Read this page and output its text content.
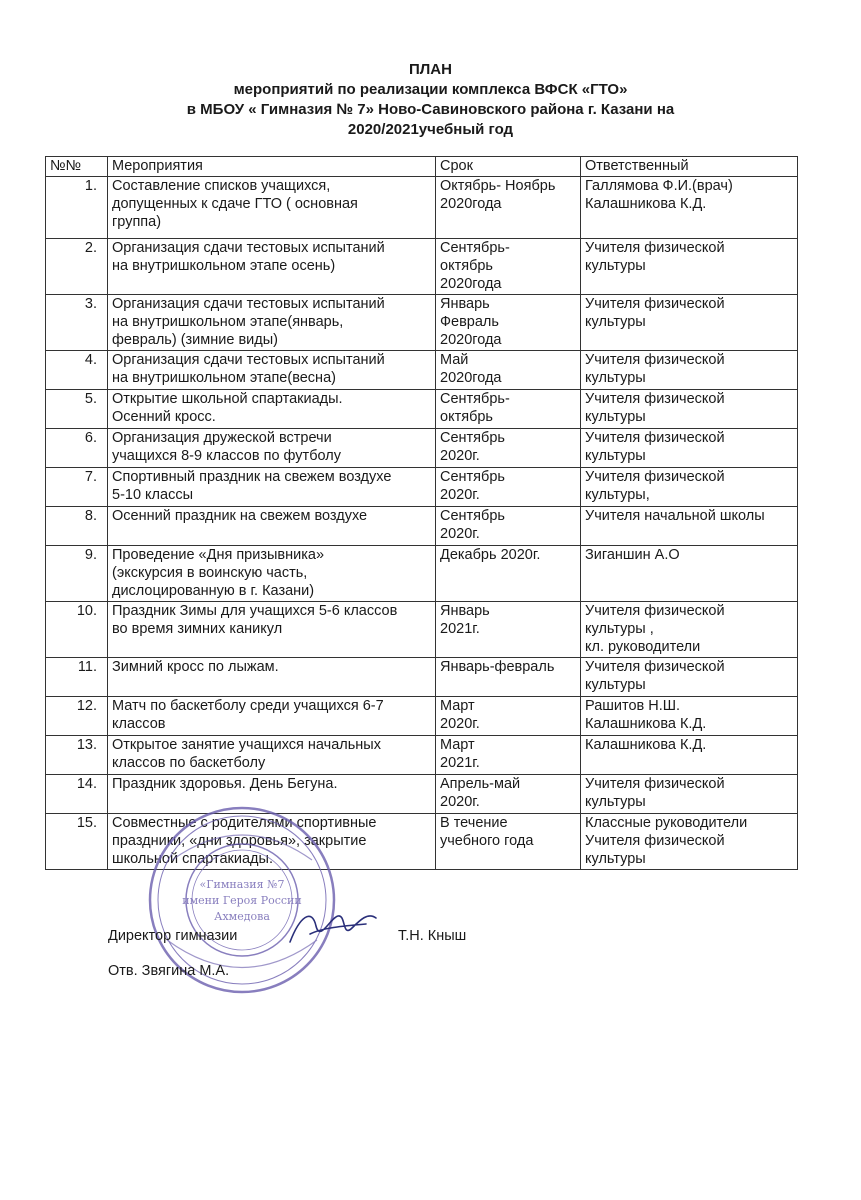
ПЛАН
мероприятий по реализации комплекса ВФСК «ГТО»
в МБОУ « Гимназия № 7» Ново-Савиновского района г. Казани на
2020/2021учебный год
№№	Мероприятия	Срок	Ответственный
1.	Составление списков учащихся,
допущенных к сдаче ГТО ( основная
группа)	Октябрь- Ноябрь
2020года	Галлямова Ф.И.(врач)
Калашникова К.Д.
2.	Организация сдачи тестовых испытаний
на внутришкольном этапе осень)	Сентябрь-
октябрь
2020года	Учителя физической
культуры
3.	Организация сдачи тестовых испытаний
на внутришкольном этапе(январь,
февраль) (зимние виды)	Январь
Февраль
2020года	Учителя физической
культуры
4.	Организация сдачи тестовых испытаний
на внутришкольном этапе(весна)	Май
2020года	Учителя физической
культуры
5.	Открытие школьной спартакиады.
Осенний кросс.	Сентябрь-
октябрь	Учителя физической
культуры
6.	Организация дружеской встречи
учащихся 8-9 классов по футболу	Сентябрь
2020г.	Учителя физической
культуры
7.	Спортивный праздник на свежем воздухе
5-10 классы	Сентябрь
2020г.	Учителя физической
культуры,
8.	Осенний праздник на свежем воздухе	Сентябрь
2020г.	Учителя начальной школы
9.	Проведение «Дня призывника»
(экскурсия в воинскую часть,
дислоцированную в г. Казани)	Декабрь 2020г.	Зиганшин А.О
10.	Праздник Зимы для учащихся 5-6 классов
во время зимних каникул	Январь
2021г.	Учителя физической
культуры ,
кл. руководители
11.	Зимний кросс по лыжам.	Январь-февраль	Учителя физической
культуры
12.	Матч по баскетболу среди учащихся 6-7
классов	Март
2020г.	Рашитов Н.Ш.
Калашникова К.Д.
13.	Открытое занятие учащихся начальных
классов по баскетболу	Март
2021г.	Калашникова К.Д.
14.	Праздник здоровья. День Бегуна.	Апрель-май
2020г.	Учителя физической
культуры
15.	Совместные с родителями спортивные
праздники, «дни здоровья», закрытие
школьной спартакиады.	В течение
учебного года	Классные руководители
Учителя физической
культуры
«Гимназия №7
имени Героя России
Ахмедова
Директор гимназии	Т.Н. Кныш
Отв. Звягина М.А.
